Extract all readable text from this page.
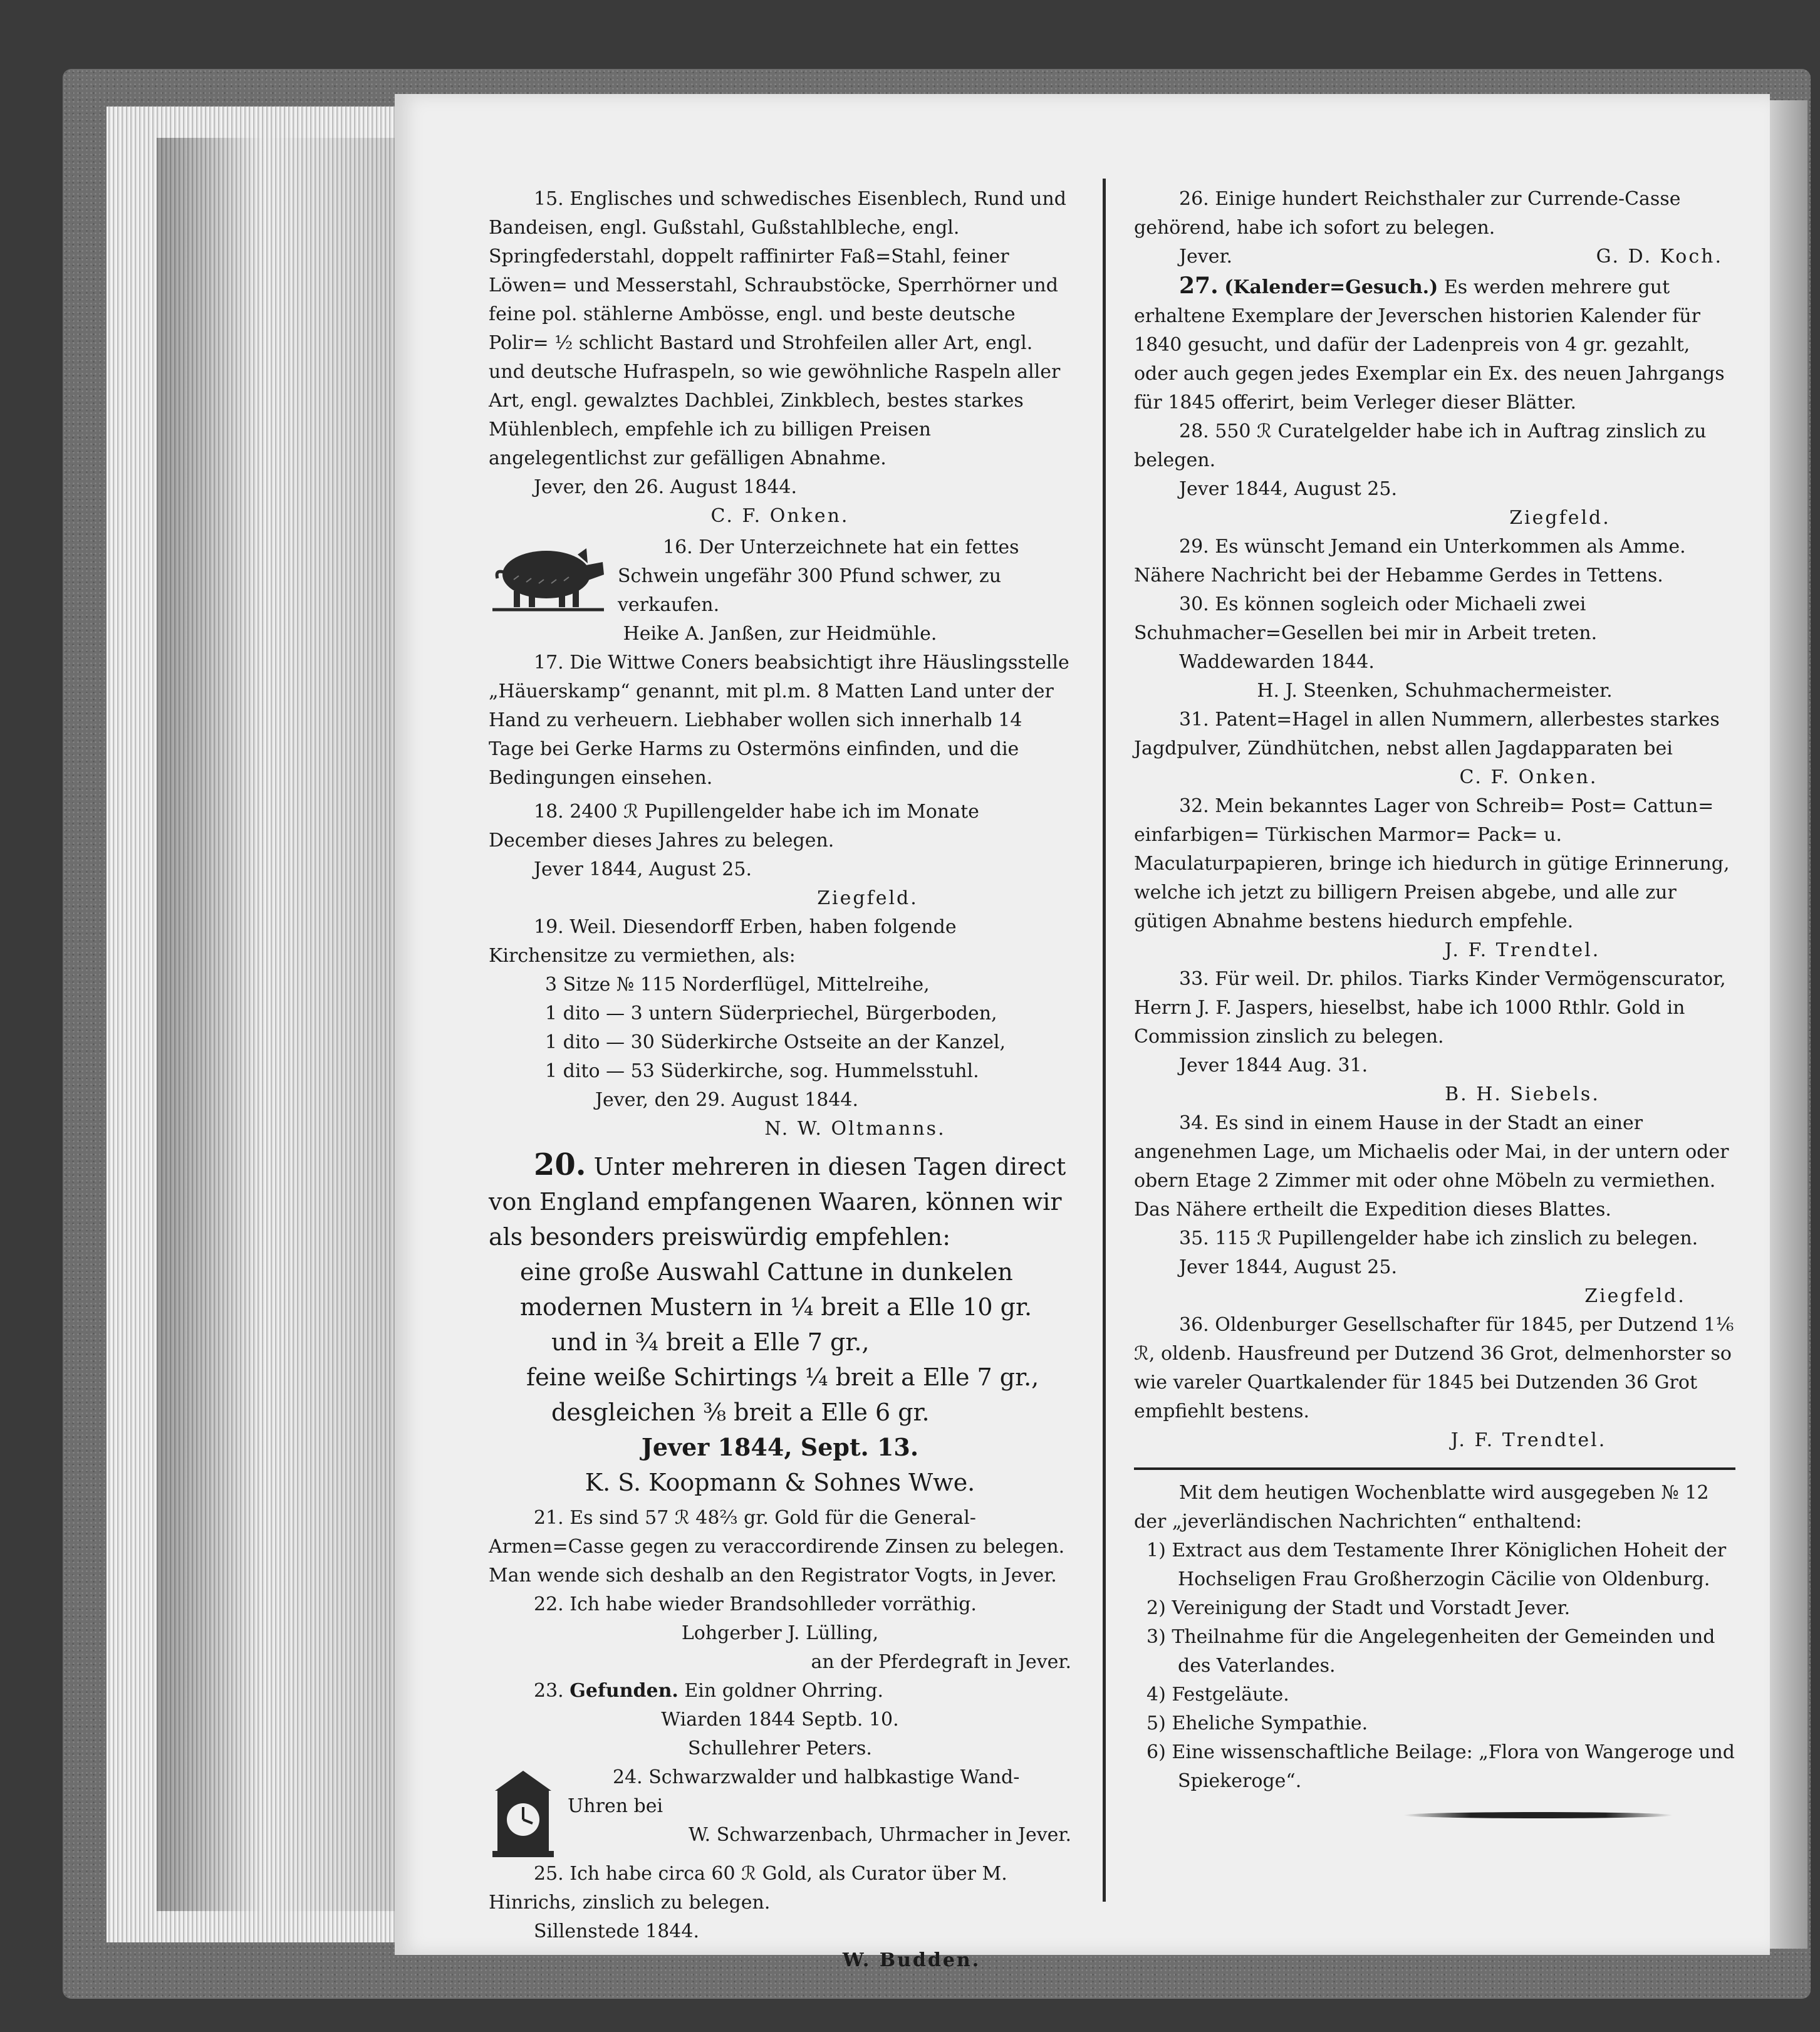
15. Englisches und schwedisches Eisenblech, Rund und Bandeisen, engl. Gußstahl, Gußstahlbleche, engl. Springfederstahl, doppelt raffinirter Faß=Stahl, feiner Löwen= und Messerstahl, Schraubstöcke, Sperrhörner und feine pol. stählerne Ambösse, engl. und beste deutsche Polir= ½ schlicht Bastard und Strohfeilen aller Art, engl. und deutsche Hufraspeln, so wie gewöhnliche Raspeln aller Art, engl. gewalztes Dachblei, Zinkblech, bestes starkes Mühlenblech, empfehle ich zu billigen Preisen angelegentlichst zur gefälligen Abnahme.

Jever, den 26. August 1844.

C. F. Onken.

16. Der Unterzeichnete hat ein fettes Schwein ungefähr 300 Pfund schwer, zu verkaufen.

Heike A. Janßen, zur Heidmühle.

17. Die Wittwe Coners beabsichtigt ihre Häuslingsstelle „Häuerskamp“ genannt, mit pl.m. 8 Matten Land unter der Hand zu verheuern. Liebhaber wollen sich innerhalb 14 Tage bei Gerke Harms zu Ostermöns einfinden, und die Bedingungen einsehen.

18. 2400 ℛ Pupillengelder habe ich im Monate December dieses Jahres zu belegen.

Jever 1844, August 25.

Ziegfeld.

19. Weil. Diesendorff Erben, haben folgende Kirchensitze zu vermiethen, als:

3 Sitze № 115 Norderflügel, Mittelreihe,

1 dito — 3 untern Süderpriechel, Bürgerboden,

1 dito — 30 Süderkirche Ostseite an der Kanzel,

1 dito — 53 Süderkirche, sog. Hummelsstuhl.

Jever, den 29. August 1844.

N. W. Oltmanns.

20. Unter mehreren in diesen Tagen direct von England empfangenen Waaren, können wir als besonders preiswürdig empfehlen:

eine große Auswahl Cattune in dunkelen modernen Mustern in ¼ breit a Elle 10 gr.

und in ¾ breit a Elle 7 gr.,

feine weiße Schirtings ¼ breit a Elle 7 gr.,

desgleichen ⅜ breit a Elle 6 gr.

Jever 1844, Sept. 13.

K. S. Koopmann & Sohnes Wwe.

21. Es sind 57 ℛ 48⅔ gr. Gold für die General-Armen=Casse gegen zu veraccordirende Zinsen zu belegen. Man wende sich deshalb an den Registrator Vogts, in Jever.

22. Ich habe wieder Brandsohlleder vorräthig.

Lohgerber J. Lülling,

an der Pferdegraft in Jever.

23. Gefunden. Ein goldner Ohrring.

Wiarden 1844 Septb. 10.

Schullehrer Peters.

24. Schwarzwalder und halbkastige Wand-Uhren bei

W. Schwarzenbach, Uhrmacher in Jever.

25. Ich habe circa 60 ℛ Gold, als Curator über M. Hinrichs, zinslich zu belegen.

Sillenstede 1844.

W. Budden.

26. Einige hundert Reichsthaler zur Currende-Casse gehörend, habe ich sofort zu belegen.

Jever.	G. D. Koch.

27. (Kalender=Gesuch.) Es werden mehrere gut erhaltene Exemplare der Jeverschen historien Kalender für 1840 gesucht, und dafür der Ladenpreis von 4 gr. gezahlt, oder auch gegen jedes Exemplar ein Ex. des neuen Jahrgangs für 1845 offerirt, beim Verleger dieser Blätter.

28. 550 ℛ Curatelgelder habe ich in Auftrag zinslich zu belegen.

Jever 1844, August 25.

Ziegfeld.

29. Es wünscht Jemand ein Unterkommen als Amme. Nähere Nachricht bei der Hebamme Gerdes in Tettens.

30. Es können sogleich oder Michaeli zwei Schuhmacher=Gesellen bei mir in Arbeit treten.

Waddewarden 1844.

H. J. Steenken, Schuhmachermeister.

31. Patent=Hagel in allen Nummern, allerbestes starkes Jagdpulver, Zündhütchen, nebst allen Jagdapparaten bei

C. F. Onken.

32. Mein bekanntes Lager von Schreib= Post= Cattun= einfarbigen= Türkischen Marmor= Pack= u. Maculaturpapieren, bringe ich hiedurch in gütige Erinnerung, welche ich jetzt zu billigern Preisen abgebe, und alle zur gütigen Abnahme bestens hiedurch empfehle.

J. F. Trendtel.

33. Für weil. Dr. philos. Tiarks Kinder Vermögenscurator, Herrn J. F. Jaspers, hieselbst, habe ich 1000 Rthlr. Gold in Commission zinslich zu belegen.

Jever 1844 Aug. 31.

B. H. Siebels.

34. Es sind in einem Hause in der Stadt an einer angenehmen Lage, um Michaelis oder Mai, in der untern oder obern Etage 2 Zimmer mit oder ohne Möbeln zu vermiethen. Das Nähere ertheilt die Expedition dieses Blattes.

35. 115 ℛ Pupillengelder habe ich zinslich zu belegen.

Jever 1844, August 25.

Ziegfeld.

36. Oldenburger Gesellschafter für 1845, per Dutzend 1⅙ ℛ, oldenb. Hausfreund per Dutzend 36 Grot, delmenhorster so wie vareler Quartkalender für 1845 bei Dutzenden 36 Grot empfiehlt bestens.

J. F. Trendtel.

Mit dem heutigen Wochenblatte wird ausgegeben № 12 der „jeverländischen Nachrichten“ enthaltend:

1) Extract aus dem Testamente Ihrer Königlichen Hoheit der Hochseligen Frau Großherzogin Cäcilie von Oldenburg.

2) Vereinigung der Stadt und Vorstadt Jever.

3) Theilnahme für die Angelegenheiten der Gemeinden und des Vaterlandes.

4) Festgeläute.

5) Eheliche Sympathie.

6) Eine wissenschaftliche Beilage: „Flora von Wangeroge und Spiekeroge“.
